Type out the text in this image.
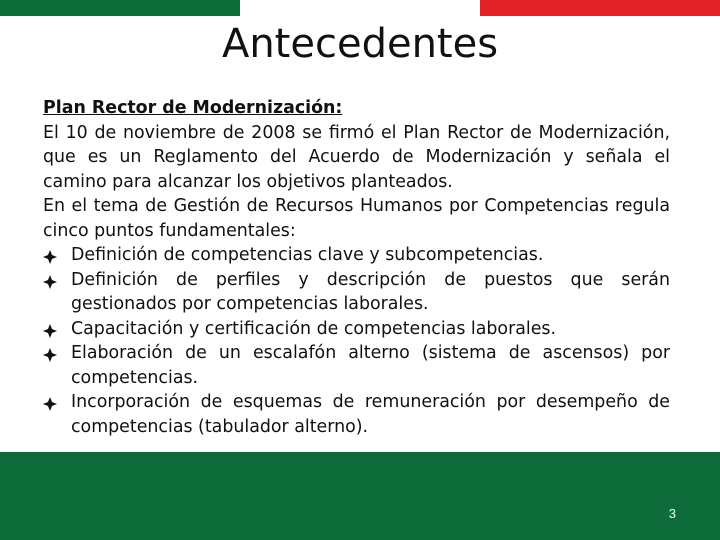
Antecedentes
Plan Rector de Modernización:

El 10 de noviembre de 2008 se firmó el Plan Rector de Modernización, que es un Reglamento del Acuerdo de Modernización y señala el camino para alcanzar los objetivos planteados.

En el tema de Gestión de Recursos Humanos por Competencias regula cinco puntos fundamentales:

Definición de competencias clave y subcompetencias.
Definición de perfiles y descripción de puestos que serán gestionados por competencias laborales.
Capacitación y certificación de competencias laborales.
Elaboración de un escalafón alterno (sistema de ascensos) por competencias.
Incorporación de esquemas de remuneración por desempeño de competencias (tabulador alterno).
3
